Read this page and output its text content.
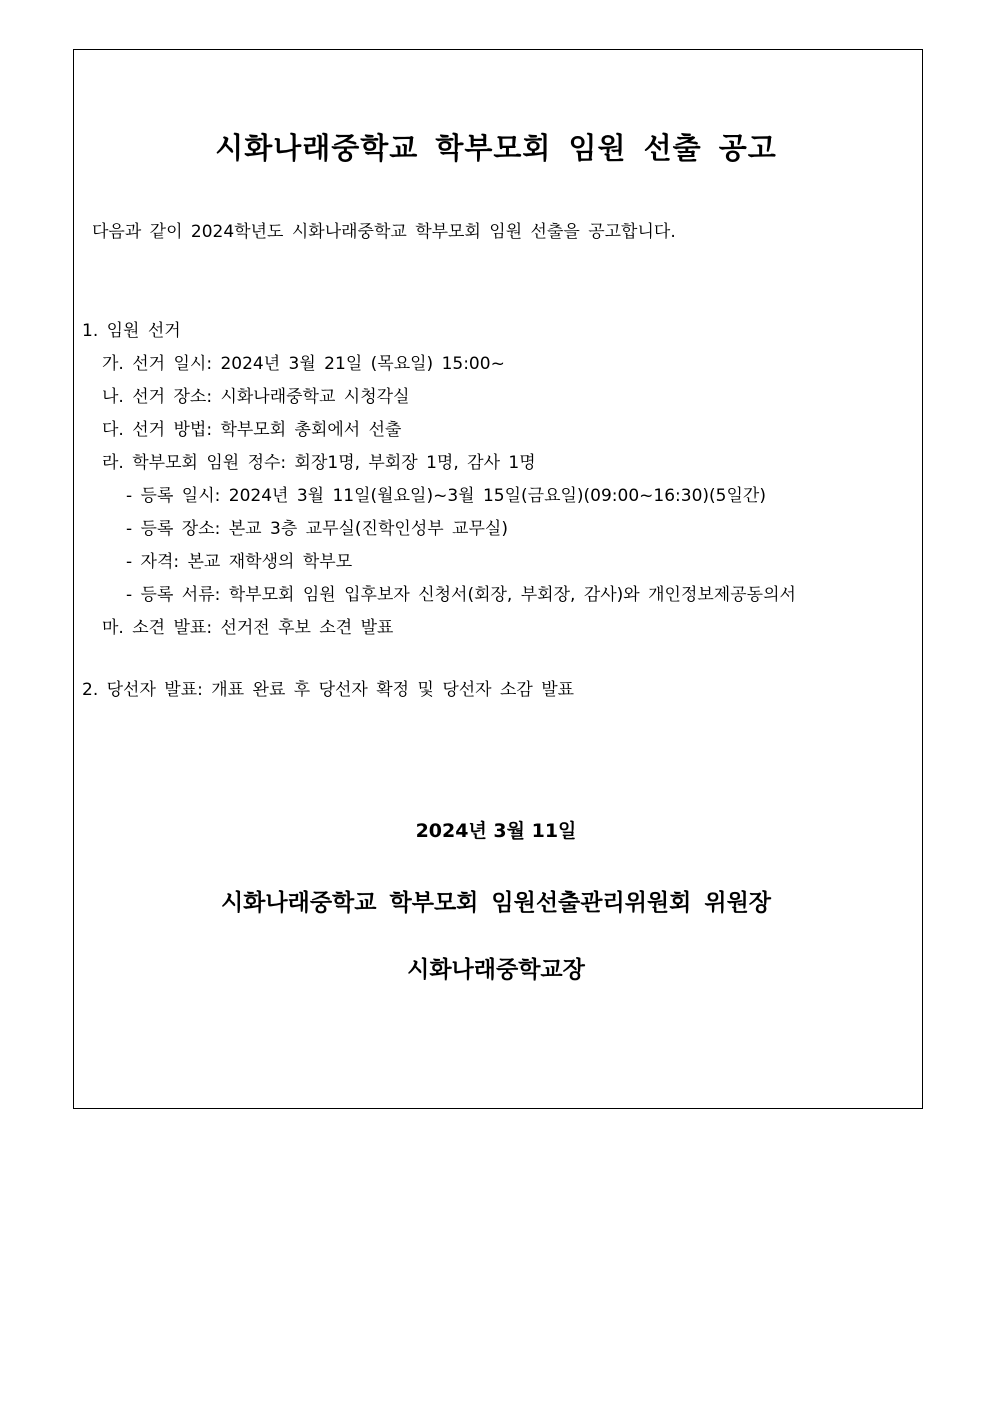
시화나래중학교 학부모회 임원 선출 공고
다음과 같이 2024학년도 시화나래중학교 학부모회 임원 선출을 공고합니다.
1. 임원 선거
가. 선거 일시: 2024년 3월 21일 (목요일) 15:00~
나. 선거 장소: 시화나래중학교 시청각실
다. 선거 방법: 학부모회 총회에서 선출
라. 학부모회 임원 정수: 회장1명, 부회장 1명, 감사 1명
- 등록 일시: 2024년 3월 11일(월요일)~3월 15일(금요일)(09:00~16:30)(5일간)
- 등록 장소: 본교 3층 교무실(진학인성부 교무실)
- 자격: 본교 재학생의 학부모
- 등록 서류: 학부모회 임원 입후보자 신청서(회장, 부회장, 감사)와 개인정보제공동의서
마. 소견 발표: 선거전 후보 소견 발표
2. 당선자 발표: 개표 완료 후 당선자 확정 및 당선자 소감 발표
2024년 3월 11일
시화나래중학교 학부모회 임원선출관리위원회 위원장
시화나래중학교장
